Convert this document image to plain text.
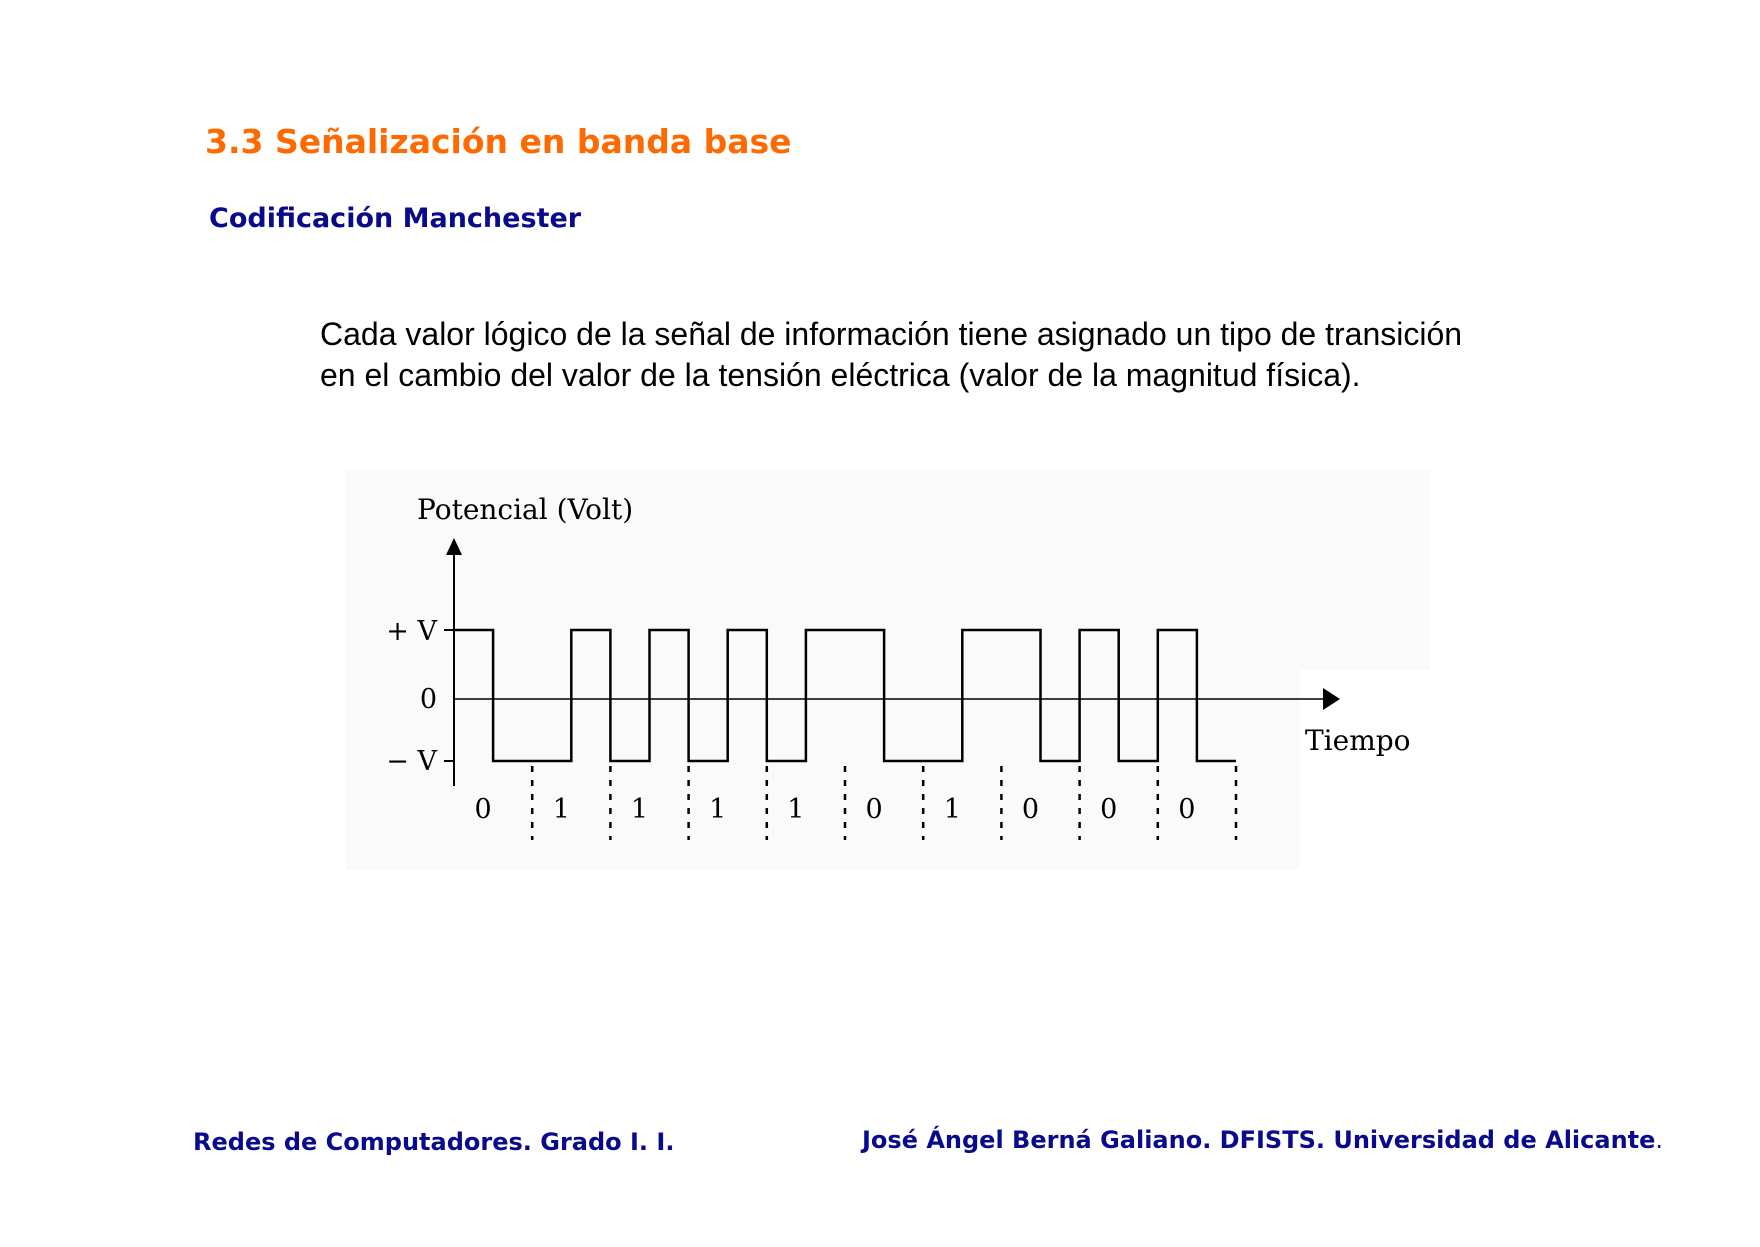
3.3 Señalización en banda base
Codificación Manchester
Cada valor lógico de la señal de información tiene asignado un tipo de transición
en el cambio del valor de la tensión eléctrica (valor de la magnitud física).
Potencial (Volt)
Tiempo
+ V
0
− V
0 1 1 1 1 0 1 0 0 0
Redes de Computadores. Grado I. I.	José Ángel Berná Galiano. DFISTS. Universidad de Alicante.
